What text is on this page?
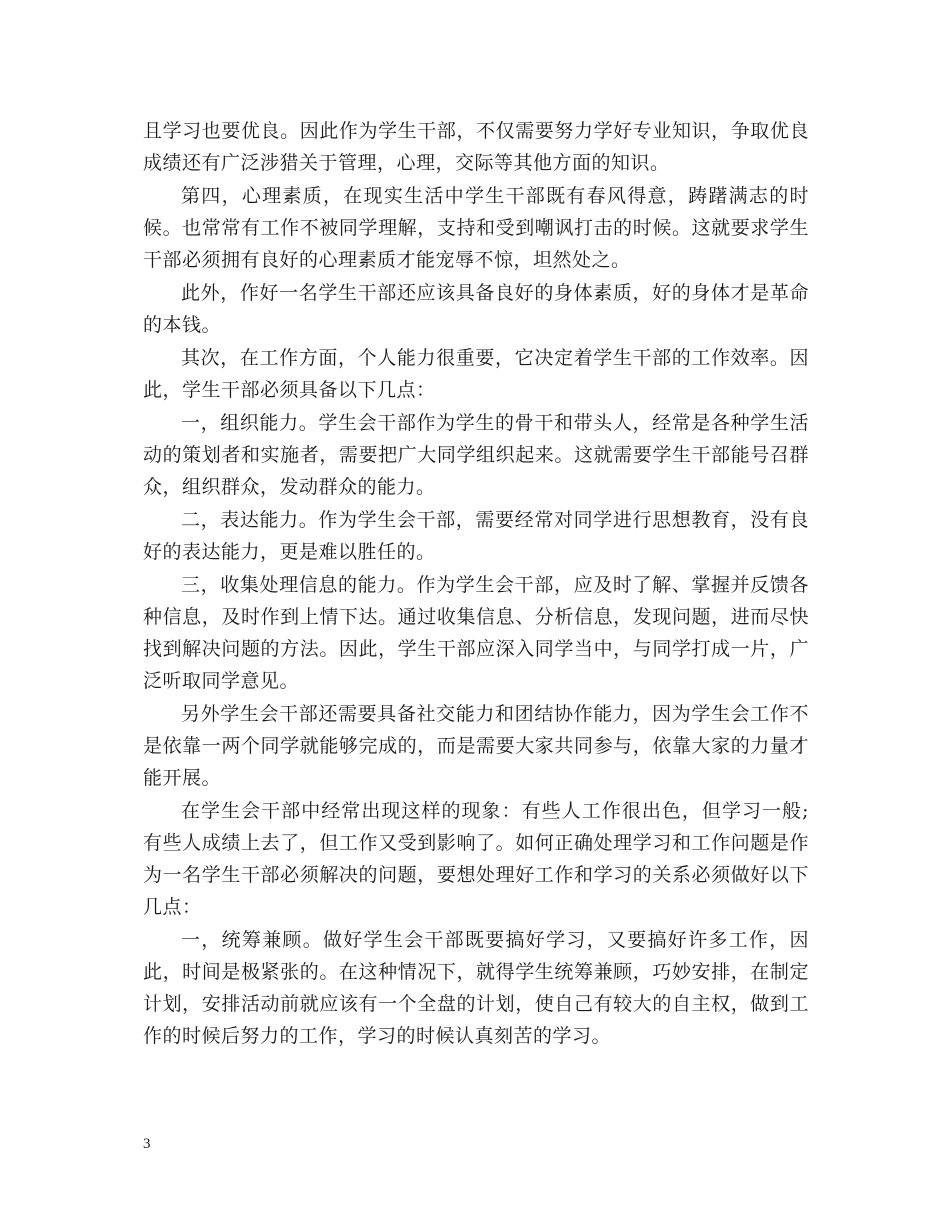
且学习也要优良。因此作为学生干部，不仅需要努力学好专业知识，争取优良成绩还有广泛涉猎关于管理，心理，交际等其他方面的知识。

第四，心理素质，在现实生活中学生干部既有春风得意，踌躇满志的时候。也常常有工作不被同学理解，支持和受到嘲讽打击的时候。这就要求学生干部必须拥有良好的心理素质才能宠辱不惊，坦然处之。

此外，作好一名学生干部还应该具备良好的身体素质，好的身体才是革命的本钱。

其次，在工作方面，个人能力很重要，它决定着学生干部的工作效率。因此，学生干部必须具备以下几点：

一，组织能力。学生会干部作为学生的骨干和带头人，经常是各种学生活动的策划者和实施者，需要把广大同学组织起来。这就需要学生干部能号召群众，组织群众，发动群众的能力。

二，表达能力。作为学生会干部，需要经常对同学进行思想教育，没有良好的表达能力，更是难以胜任的。

三，收集处理信息的能力。作为学生会干部，应及时了解、掌握并反馈各种信息，及时作到上情下达。通过收集信息、分析信息，发现问题，进而尽快找到解决问题的方法。因此，学生干部应深入同学当中，与同学打成一片，广泛听取同学意见。

另外学生会干部还需要具备社交能力和团结协作能力，因为学生会工作不是依靠一两个同学就能够完成的，而是需要大家共同参与，依靠大家的力量才能开展。

在学生会干部中经常出现这样的现象：有些人工作很出色，但学习一般;有些人成绩上去了，但工作又受到影响了。如何正确处理学习和工作问题是作为一名学生干部必须解决的问题，要想处理好工作和学习的关系必须做好以下几点：

一，统筹兼顾。做好学生会干部既要搞好学习，又要搞好许多工作，因此，时间是极紧张的。在这种情况下，就得学生统筹兼顾，巧妙安排，在制定计划，安排活动前就应该有一个全盘的计划，使自己有较大的自主权，做到工作的时候后努力的工作，学习的时候认真刻苦的学习。

3
